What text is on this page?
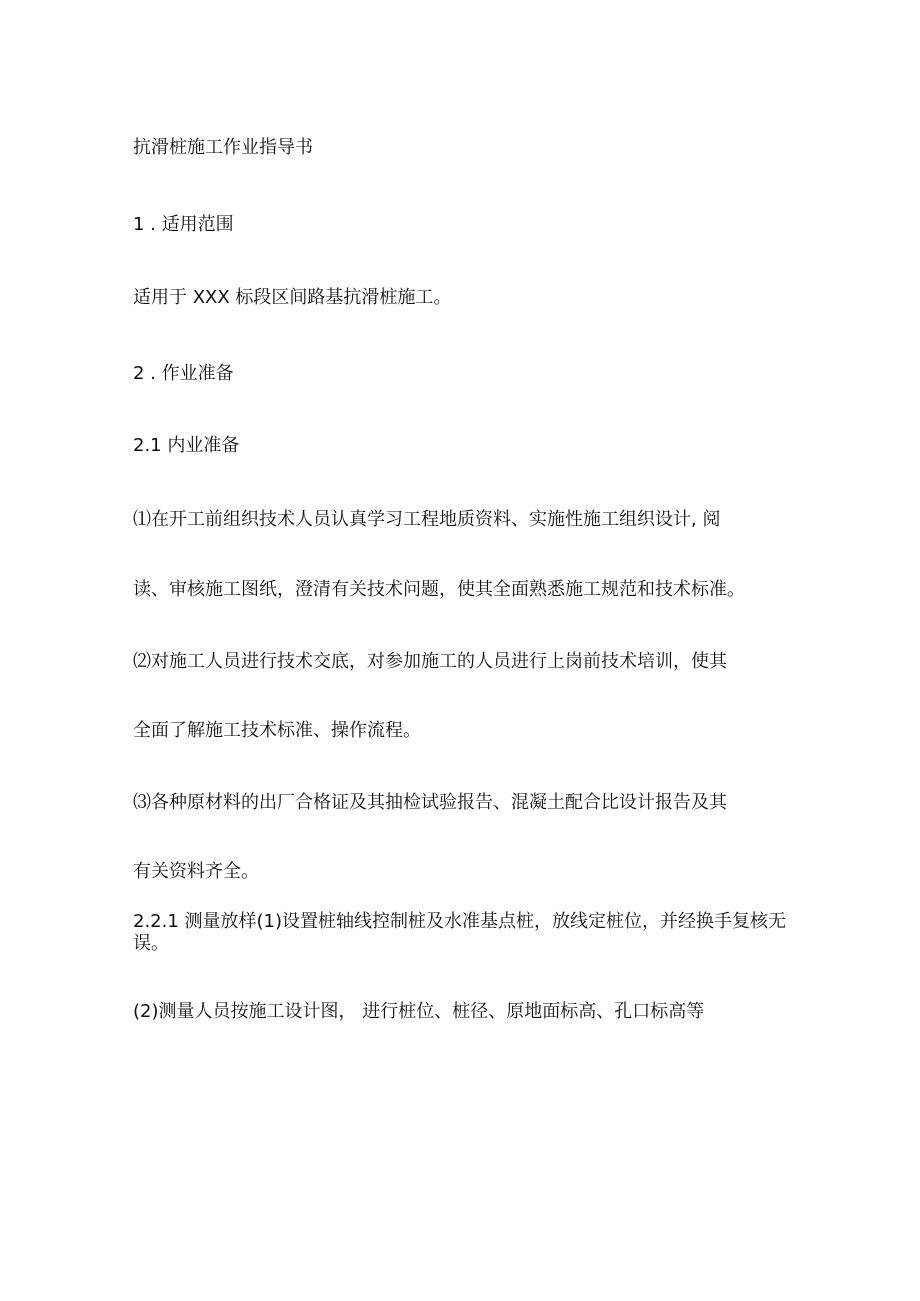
抗滑桩施工作业指导书

1 . 适用范围

适用于 XXX 标段区间路基抗滑桩施工。

2 . 作业准备

2.1 内业准备

⑴在开工前组织技术人员认真学习工程地质资料、实施性施工组织设计, 阅

读、审核施工图纸，澄清有关技术问题，使其全面熟悉施工规范和技术标准。

⑵对施工人员进行技术交底，对参加施工的人员进行上岗前技术培训，使其

全面了解施工技术标准、操作流程。

⑶各种原材料的出厂合格证及其抽检试验报告、混凝土配合比设计报告及其

有关资料齐全。

2.2.1 测量放样(1)设置桩轴线控制桩及水准基点桩，放线定桩位，并经换手复核无误。

(2)测量人员按施工设计图， 进行桩位、桩径、原地面标高、孔口标高等
